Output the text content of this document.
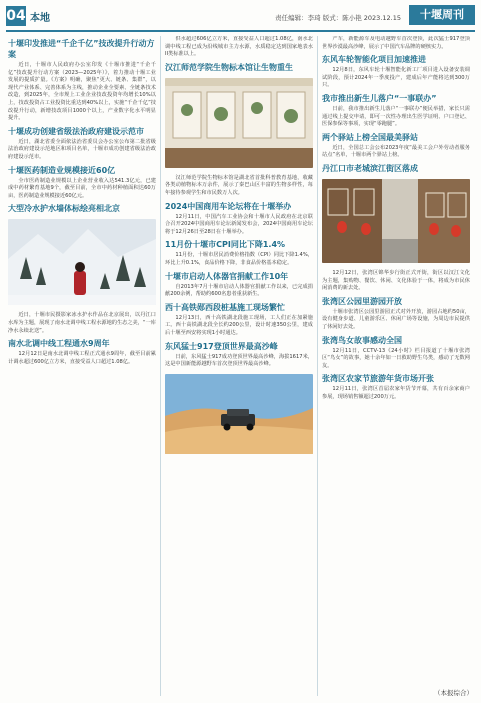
04 本地	责任编辑：李琦 版式：陈小艳 2023.12.15	十堰周刊
十堰印发推进“千企千亿”技改提升行动方案
近日，十堰市人民政府办公室印发《十堰市推进“千企千亿”技改提升行动方案（2023—2025年）》，着力推动十堰工业发展的提质扩量。《方案》明确，聚焦“更大、链条、集群”，以现代产业体系、完善体系为主线，推动企业全要素、全链条技术改造，到2025年，全市规上工业企业技改投资年均增长10%以上，技改投资占工业投资比重达到40%以上，实施“千企千亿”技改提升行动，新增技改项目1000个以上，产业数字化水平明显提升。
十堰成功创建省级法治政府建设示范市
近日，湖北省委全面依法治省委员会办公室公布第二批省级法治政府建设示范地区和项目名单，十堰市成功创建省级法治政府建设示范市。
十堰医药制造业规模接近60亿
全市医药制造业规模以上企业营业收入达541.3亿元，已建成中药材繁育基地9个，截至目前，全市中药材种植面积达60万亩，医药制造业规模接近60亿元。
大型冷水护水墙体标绘亮相北京
近日，十堰市民摄影家冰水护水作品在北京展出，以丹江口水库为主题，展现了南水北调中线工程水源地的生态之美，“一库净水永续北送”。
南水北调中线工程通水9周年
12月12日是南水北调中线工程正式通水9周年，截至目前累计调水超过600亿立方米，直接受益人口超过1.08亿。
供水超过606亿立方米，直接受益人口超过1.08亿，南水北调中线工程已成为沿线城市主力水源，水质稳定达到国家地表水II类标准以上。
汉江师范学院生物标本馆让生物重生
汉江师范学院生物标本馆是湖北省首批科普教育基地，收藏各类动植物标本万余件，展示了秦巴山区丰富的生物多样性，每年接待参观学生和市民数万人次。
2024中国商用车论坛将在十堰举办
12月11日，中国汽车工业协会和十堰市人民政府在北京联合召开2024中国商用车论坛新闻发布会，2024中国商用车论坛将于12月26日至28日在十堰举办。
11月份十堰市CPI同比下降1.4%
11月份，十堰市居民消费价格指数（CPI）同比下降1.4%，环比上升0.1%，食品价格下降，非食品价格基本稳定。
十堰市启动人体器官捐献工作10年
自2013年7月十堰市启动人体器官捐献工作以来，已完成捐献200余例，帮助约600名患者重获新生。
西十高铁郧西段桩基施工现场繁忙
12月13日，西十高铁湖北段施工现场，工人们正在加紧施工。西十高铁湖北段全长约200公里，设计时速350公里，建成后十堰至西安将实现1小时通达。
东风猛士917登顶世界最高沙峰
日前，东风猛士917成功登顶世界最高沙峰，海拔1617米，这是中国新能源越野车首次登顶世界最高沙峰。
产车，新能源车及电动越野车首次登顶，此次猛士917登顶世界沙漠最高沙峰，展示了中国汽车品牌的硬核实力。
东风车轮智能化项目加速推进
12月8日，东风车轮十堰智能化新工厂项目进入设备安装调试阶段，预计2024年一季度投产，建成后年产能将达到300万只。
我市推出新生儿落户“一事联办”
日前，我市推出新生儿落户“一事联办”便民举措，家长只需通过线上提交申请，即可一次性办理出生医学证明、户口登记、医保参保等事项，实现“零跑腿”。
两个驿站上榜全国最美驿站
近日，全国总工会公布2023年度“最美工会户外劳动者服务站点”名单，十堰市两个驿站上榜。
丹江口市老城滨江街区落成
12月12日，张湾区锦华步行街正式开街，街区以汉江文化为主题，集购物、餐饮、休闲、文化体验于一体，将成为市民休闲消费的新去处。
张湾区公园里游园开放
十堰市张湾区公园里游园正式对外开放，游园占地约50亩，设有健身步道、儿童游乐区、休闲广场等设施，为周边市民提供了休闲好去处。
张湾鸟女故事感动全国
12月11日，CCTV-13《24小时》栏目报道了十堰市张湾区“鸟女”的故事，她十余年如一日救助野生鸟类，感动了无数网友。
张湾区农家节旅游年货市场开张
12月11日，张湾区首届农家年货节开幕，共有百余家商户参展，现场销售额超过200万元。
（本报综合）
